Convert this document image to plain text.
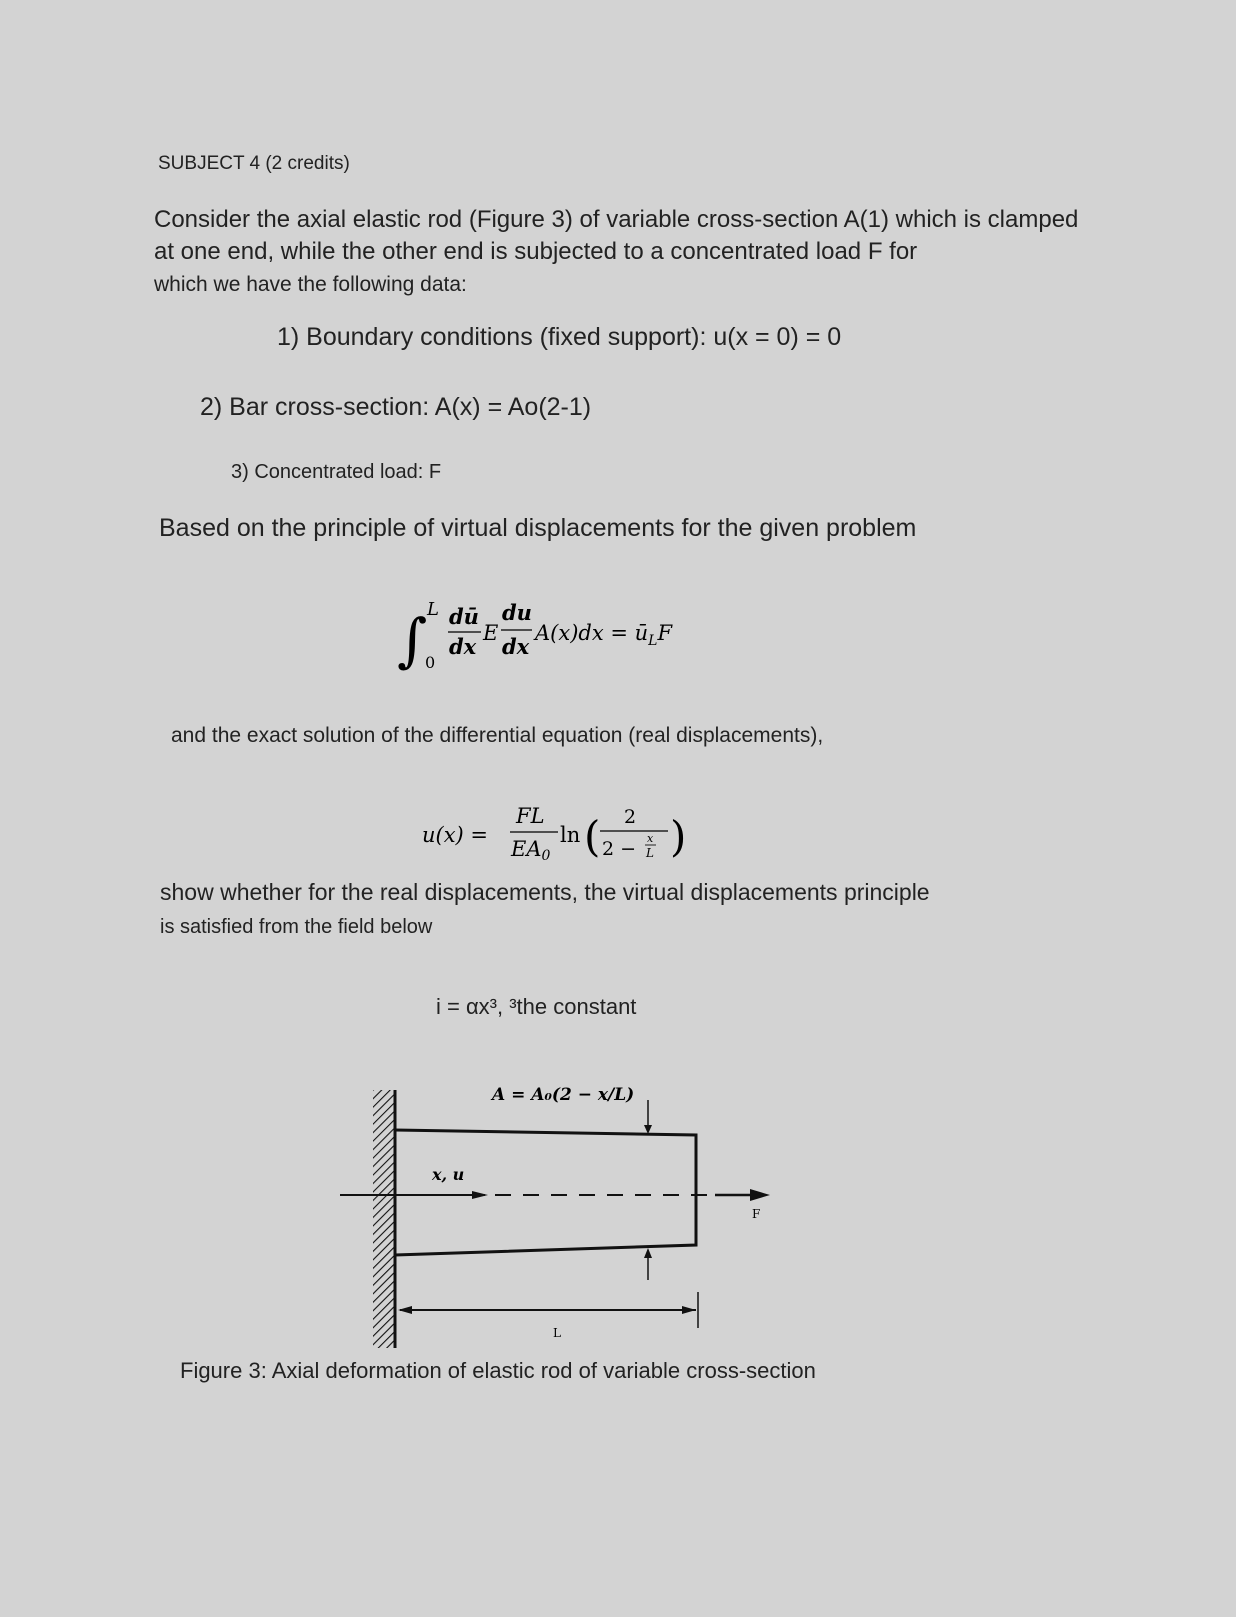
SUBJECT 4 (2 credits)
Consider the axial elastic rod (Figure 3) of variable cross-section A(1) which is clamped at one end, while the other end is subjected to a concentrated load F for
which we have the following data:
1) Boundary conditions (fixed support): u(x = 0) = 0
2) Bar cross-section: A(x) = Ao(2-1)
3) Concentrated load: F
Based on the principle of virtual displacements for the given problem
∫ L
0
dū
dx
E
du
dx
$A(x)dx = ū_LF$
and the exact solution of the differential equation (real displacements),
u(x) =
FL
EA0
ln ( 2
2 − x
L )
show whether for the real displacements, the virtual displacements principle
is satisfied from the field below
i = αx³, ³the constant
A = A₀(2 − x/L)
x, u
F
L
Figure 3: Axial deformation of elastic rod of variable cross-section
